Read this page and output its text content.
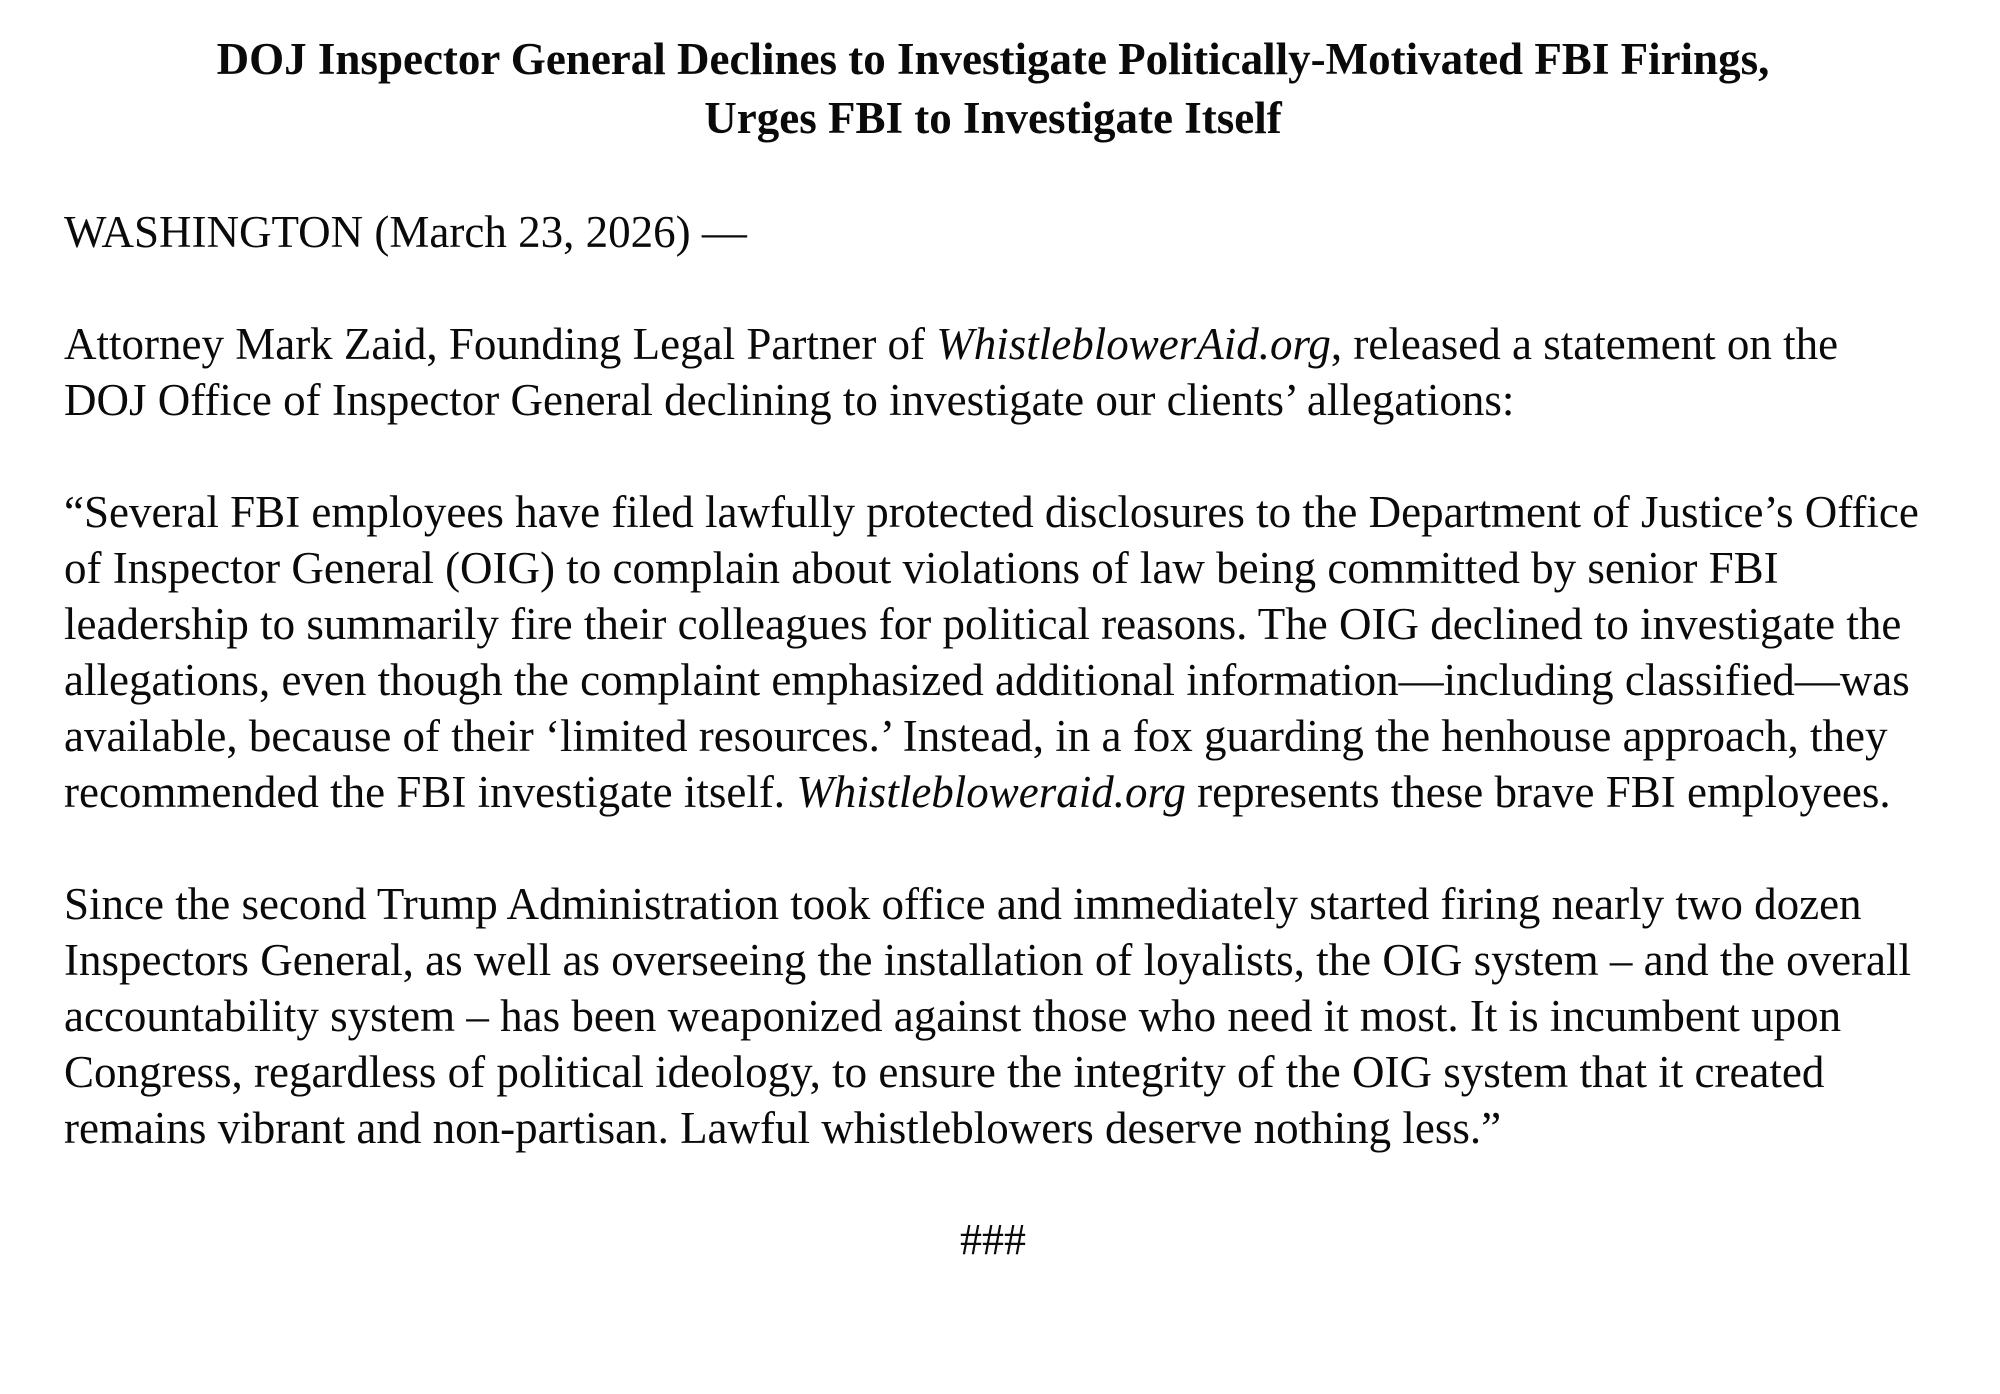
DOJ Inspector General Declines to Investigate Politically-Motivated FBI Firings,
Urges FBI to Investigate Itself

WASHINGTON (March 23, 2026) —

Attorney Mark Zaid, Founding Legal Partner of WhistleblowerAid.org, released a statement on the DOJ Office of Inspector General declining to investigate our clients’ allegations:

“Several FBI employees have filed lawfully protected disclosures to the Department of Justice’s Office of Inspector General (OIG) to complain about violations of law being committed by senior FBI leadership to summarily fire their colleagues for political reasons. The OIG declined to investigate the allegations, even though the complaint emphasized additional information—including classified—was available, because of their ‘limited resources.’ Instead, in a fox guarding the henhouse approach, they recommended the FBI investigate itself. Whistlebloweraid.org represents these brave FBI employees.

Since the second Trump Administration took office and immediately started firing nearly two dozen Inspectors General, as well as overseeing the installation of loyalists, the OIG system – and the overall accountability system – has been weaponized against those who need it most. It is incumbent upon Congress, regardless of political ideology, to ensure the integrity of the OIG system that it created remains vibrant and non-partisan. Lawful whistleblowers deserve nothing less.”

###
